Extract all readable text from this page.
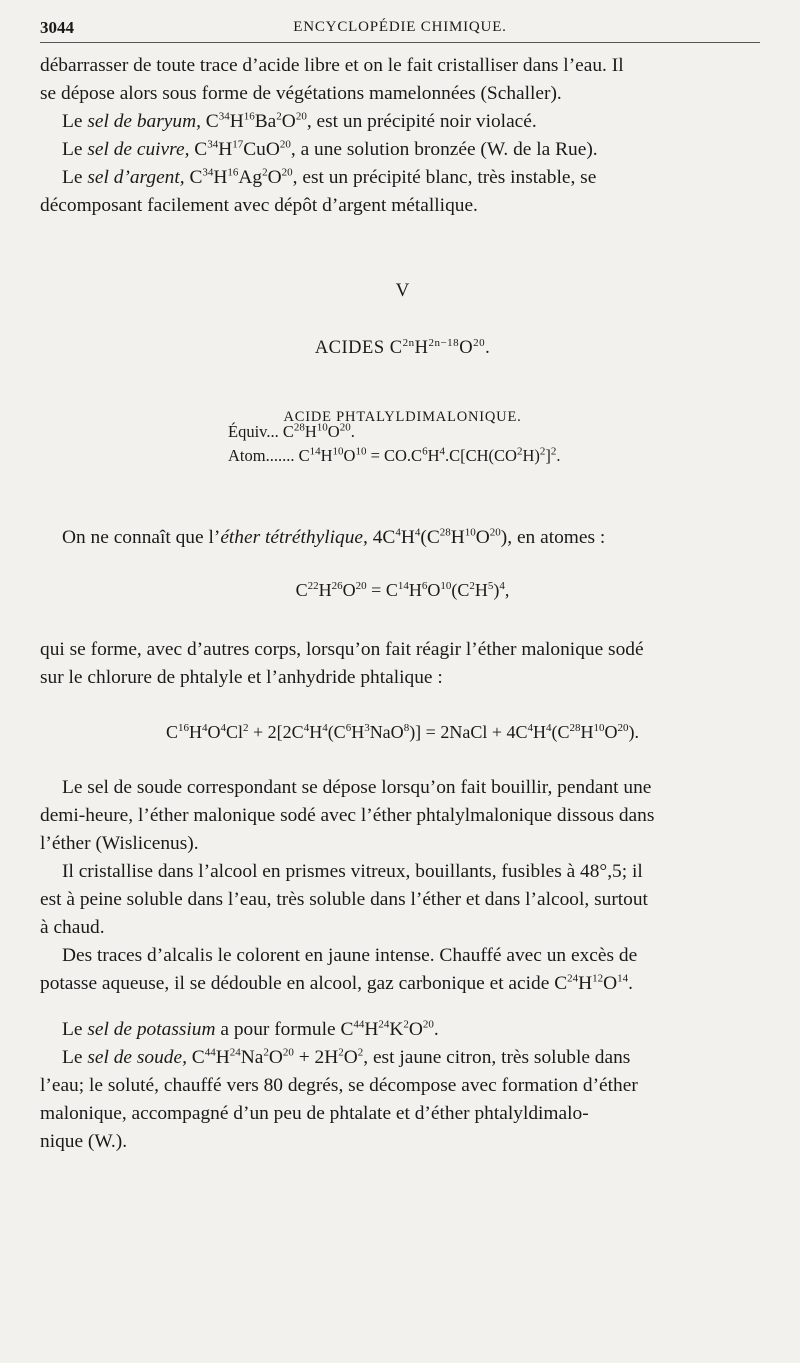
3044	ENCYCLOPÉDIE CHIMIQUE.
débarrasser de toute trace d’acide libre et on le fait cristalliser dans l’eau. Il
se dépose alors sous forme de végétations mamelonnées (Schaller).
Le sel de baryum, $C^{34}H^{16}Ba^2O^{20}$, est un précipité noir violacé.
Le sel de cuivre, $C^{34}H^{17}CuO^{20}$, a une solution bronzée (W. de la Rue).
Le sel d’argent, $C^{34}H^{16}Ag^2O^{20}$, est un précipité blanc, très instable, se
décomposant facilement avec dépôt d’argent métallique.
V
ACIDES $C^{2n}H^{2n-18}O^{20}$.
ACIDE PHTALYLDIMALONIQUE.
Équiv... $C^{28}H^{10}O^{20}$.
Atom....... $C^{14}H^{10}O^{10} = CO.C^6H^4.C[CH(CO^2H)^2]^2$.
On ne connaît que l’éther tétréthylique, $4C^4H^4(C^{28}H^{10}O^{20})$, en atomes :
$C^{22}H^{26}O^{20} = C^{14}H^6O^{10}(C^2H^5)^4$,
qui se forme, avec d’autres corps, lorsqu’on fait réagir l’éther malonique sodé
sur le chlorure de phtalyle et l’anhydride phtalique :
$C^{16}H^4O^4Cl^2 + 2[2C^4H^4(C^6H^3NaO^8)]$ = 2NaCl + $4C^4H^4(C^{28}H^{10}O^{20})$.
Le sel de soude correspondant se dépose lorsqu’on fait bouillir, pendant une
demi-heure, l’éther malonique sodé avec l’éther phtalylmalonique dissous dans
l’éther (Wislicenus).
Il cristallise dans l’alcool en prismes vitreux, bouillants, fusibles à 48°,5; il
est à peine soluble dans l’eau, très soluble dans l’éther et dans l’alcool, surtout
à chaud.
Des traces d’alcalis le colorent en jaune intense. Chauffé avec un excès de
potasse aqueuse, il se dédouble en alcool, gaz carbonique et acide $C^{24}H^{12}O^{14}$.
Le sel de potassium a pour formule $C^{44}H^{24}K^2O^{20}$.
Le sel de soude, $C^{44}H^{24}Na^2O^{20} + 2H^2O^2$, est jaune citron, très soluble dans
l’eau; le soluté, chauffé vers 80 degrés, se décompose avec formation d’éther
malonique, accompagné d’un peu de phtalate et d’éther phtalyldimalo-
nique (W.).
